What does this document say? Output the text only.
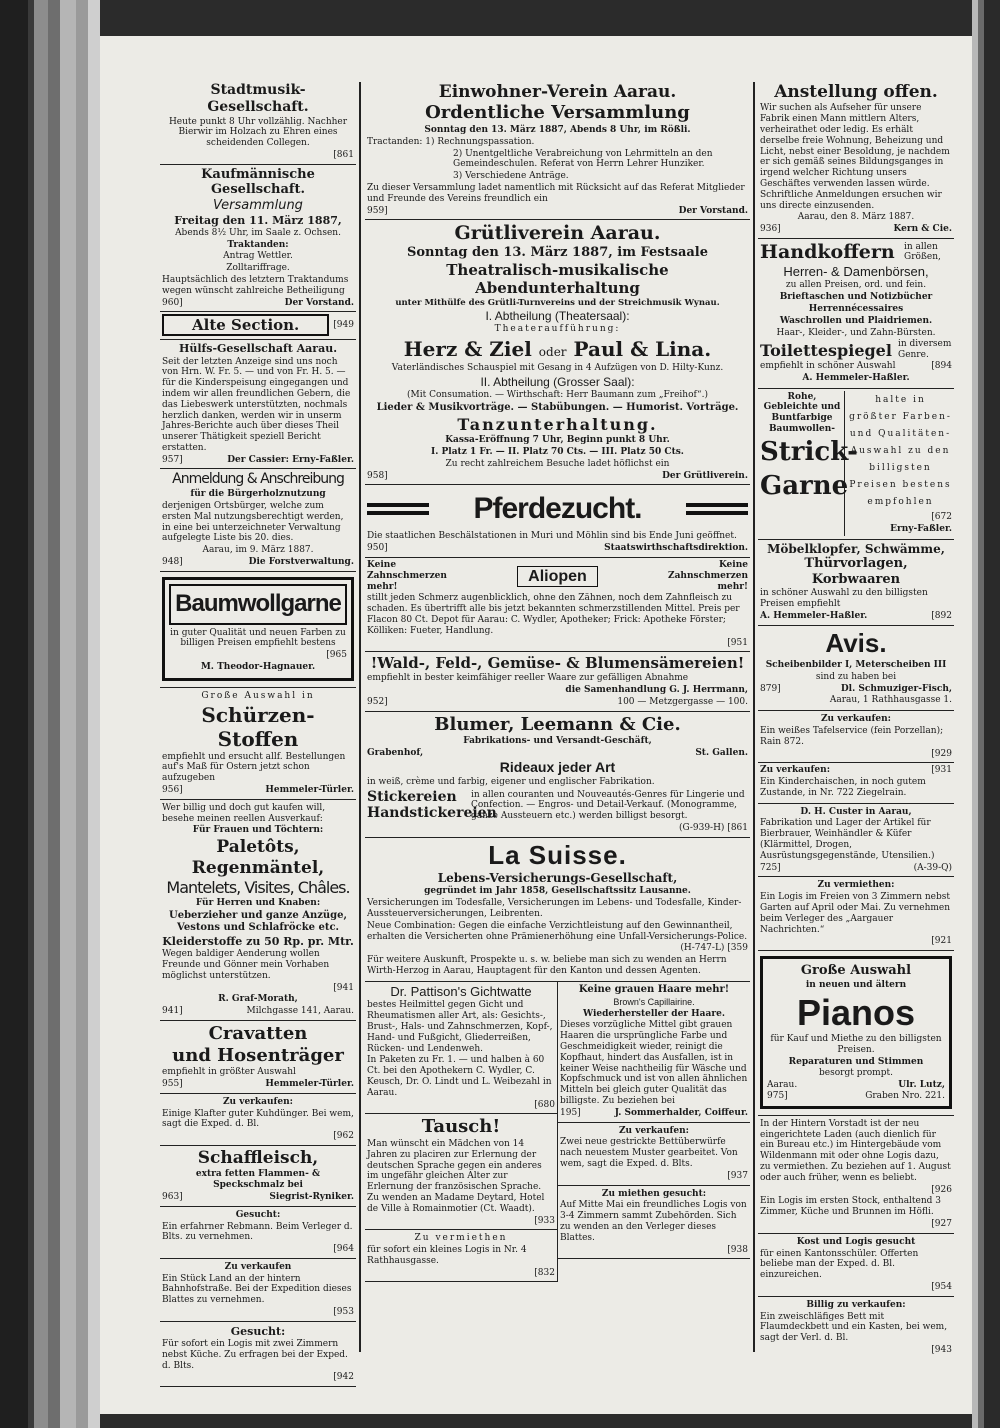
Stadtmusik-Gesellschaft.

Heute punkt 8 Uhr vollzählig. Nachher Bierwir im Holzach zu Ehren eines scheidenden Collegen.

[861
Kaufmännische Gesellschaft.
Versammlung
Freitag den 11. März 1887,

Abends 8½ Uhr, im Saale z. Ochsen.

Traktanden:

Antrag Wettler.

Zolltariffrage.

Hauptsächlich des letztern Traktandums wegen wünscht zahlreiche Betheiligung

960]	Der Vorstand.
Alte Section.	[949
Hülfs-Gesellschaft Aarau.

Seit der letzten Anzeige sind uns noch von Hrn. W. Fr. 5. — und von Fr. H. 5. — für die Kinderspeisung eingegangen und indem wir allen freundlichen Gebern, die das Liebeswerk unterstützten, nochmals herzlich danken, werden wir in unserm Jahres-Berichte auch über dieses Theil unserer Thätigkeit speziell Bericht erstatten.

957]	Der Cassier: Erny-Faßler.
Anmeldung & Anschreibung

für die Bürgerholznutzung

derjenigen Ortsbürger, welche zum ersten Mal nutzungsberechtigt werden, in eine bei unterzeichneter Verwaltung aufgelegte Liste bis 20. dies.

Aarau, im 9. März 1887.

948]	Die Forstverwaltung.
Baumwollgarne

in guter Qualität und neuen Farben zu billigen Preisen empfiehlt bestens

[965

M. Theodor-Hagnauer.

Große Auswahl in

Schürzen-Stoffen

empfiehlt und ersucht allf. Bestellungen auf's Maß für Ostern jetzt schon aufzugeben

956]	Hemmeler-Türler.

Wer billig und doch gut kaufen will, besehe meinen reellen Ausverkauf:

Für Frauen und Töchtern:

Paletôts, Regenmäntel,
Mantelets, Visites, Châles.

Für Herren und Knaben:

Ueberzieher und ganze Anzüge, Vestons und Schlafröcke etc.

Kleiderstoffe zu 50 Rp. pr. Mtr.

Wegen baldiger Aenderung wollen Freunde und Gönner mein Vorhaben möglichst unterstützen.

[941

R. Graf-Morath,

941]	Milchgasse 141, Aarau.
Cravatten
und Hosenträger

empfiehlt in größter Auswahl

955]	Hemmeler-Türler.

Zu verkaufen:

Einige Klafter guter Kuhdünger. Bei wem, sagt die Exped. d. Bl.

[962
Schaffleisch,

extra fetten Flammen- & Speckschmalz bei

963]	Siegrist-Ryniker.

Gesucht:

Ein erfahrner Rebmann. Beim Verleger d. Blts. zu vernehmen.

[964

Zu verkaufen

Ein Stück Land an der hintern Bahnhofstraße. Bei der Expedition dieses Blattes zu vernehmen.

[953

Gesucht:

Für sofort ein Logis mit zwei Zimmern nebst Küche. Zu erfragen bei der Exped. d. Blts.

[942
Einwohner-Verein Aarau.
Ordentliche Versammlung

Sonntag den 13. März 1887, Abends 8 Uhr, im Rößli.

Tractanden: 1) Rechnungspassation.

2) Unentgeltliche Verabreichung von Lehrmitteln an den Gemeindeschulen. Referat von Herrn Lehrer Hunziker.

3) Verschiedene Anträge.

Zu dieser Versammlung ladet namentlich mit Rücksicht auf das Referat Mitglieder und Freunde des Vereins freundlich ein

959]	Der Vorstand.
Grütliverein Aarau.
Sonntag den 13. März 1887, im Festsaale
Theatralisch-musikalische Abendunterhaltung

unter Mithülfe des Grütli-Turnvereins und der Streichmusik Wynau.

I. Abtheilung (Theatersaal):

Theateraufführung:

Herz & Ziel oder Paul & Lina.

Vaterländisches Schauspiel mit Gesang in 4 Aufzügen von D. Hilty-Kunz.

II. Abtheilung (Grosser Saal):

(Mit Consumation. — Wirthschaft: Herr Baumann zum „Freihof“.)

Lieder & Musikvorträge. — Stabübungen. — Humorist. Vorträge.

Tanzunterhaltung.

Kassa-Eröffnung 7 Uhr, Beginn punkt 8 Uhr.

I. Platz 1 Fr. — II. Platz 70 Cts. — III. Platz 50 Cts.

Zu recht zahlreichem Besuche ladet höflichst ein

958]	Der Grütliverein.
Pferdezucht.

Die staatlichen Beschälstationen in Muri und Möhlin sind bis Ende Juni geöffnet.

950]	Staatswirthschaftsdirektion.
Keine Zahnschmerzen mehr!
Aliopen
Keine Zahnschmerzen mehr!

stillt jeden Schmerz augenblicklich, ohne den Zähnen, noch dem Zahnfleisch zu schaden. Es übertrifft alle bis jetzt bekannten schmerzstillenden Mittel. Preis per Flacon 80 Ct. Depot für Aarau: C. Wydler, Apotheker; Frick: Apotheke Förster; Kölliken: Fueter, Handlung.

[951
!Wald-, Feld-, Gemüse- & Blumensämereien!

empfiehlt in bester keimfähiger reeller Waare zur gefälligen Abnahme

die Samenhandlung G. J. Herrmann,

952]	100 — Metzgergasse — 100.
Blumer, Leemann & Cie.

Fabrikations- und Versandt-Geschäft,

Grabenhof,	St. Gallen.
Rideaux jeder Art

in weiß, crème und farbig, eigener und englischer Fabrikation.

Stickereien
Handstickereien

in allen couranten und Nouveautés-Genres für Lingerie und Confection. — Engros- und Detail-Verkauf. (Monogramme, ganze Aussteuern etc.) werden billigst besorgt.

(G-939-H) [861
La Suisse.
Lebens-Versicherungs-Gesellschaft,

gegründet im Jahr 1858, Gesellschaftssitz Lausanne.

Versicherungen im Todesfalle, Versicherungen im Lebens- und Todesfalle, Kinder-Aussteuerversicherungen, Leibrenten.

Neue Combination: Gegen die einfache Verzichtleistung auf den Gewinnantheil, erhalten die Versicherten ohne Prämienerhöhung eine Unfall-Versicherungs-Police.

(H-747-L) [359

Für weitere Auskunft, Prospekte u. s. w. beliebe man sich zu wenden an Herrn Wirth-Herzog in Aarau, Hauptagent für den Kanton und dessen Agenten.

Dr. Pattison's Gichtwatte

bestes Heilmittel gegen Gicht und Rheumatismen aller Art, als: Gesichts-, Brust-, Hals- und Zahnschmerzen, Kopf-, Hand- und Fußgicht, Gliederreißen, Rücken- und Lendenweh.

In Paketen zu Fr. 1. — und halben à 60 Ct. bei den Apothekern C. Wydler, C. Keusch, Dr. O. Lindt und L. Weibezahl in Aarau.

[680
Tausch!

Man wünscht ein Mädchen von 14 Jahren zu placiren zur Erlernung der deutschen Sprache gegen ein anderes im ungefähr gleichen Alter zur Erlernung der französischen Sprache. Zu wenden an Madame Deytard, Hotel de Ville à Romainmotier (Ct. Waadt).

[933

Zu vermiethen

für sofort ein kleines Logis in Nr. 4 Rathhausgasse.

[832
Keine grauen Haare mehr!

Brown's Capillairine.

Wiederhersteller der Haare.

Dieses vorzügliche Mittel gibt grauen Haaren die ursprüngliche Farbe und Geschmeidigkeit wieder, reinigt die Kopfhaut, hindert das Ausfallen, ist in keiner Weise nachtheilig für Wäsche und Kopfschmuck und ist von allen ähnlichen Mitteln bei gleich guter Qualität das billigste. Zu beziehen bei

195]	J. Sommerhalder, Coiffeur.

Zu verkaufen:

Zwei neue gestrickte Bettüberwürfe nach neuestem Muster gearbeitet. Von wem, sagt die Exped. d. Blts.

[937

Zu miethen gesucht:

Auf Mitte Mai ein freundliches Logis von 3-4 Zimmern sammt Zubehörden. Sich zu wenden an den Verleger dieses Blattes.

[938
Anstellung offen.

Wir suchen als Aufseher für unsere Fabrik einen Mann mittlern Alters, verheirathet oder ledig. Es erhält derselbe freie Wohnung, Beheizung und Licht, nebst einer Besoldung, je nachdem er sich gemäß seines Bildungsganges in irgend welcher Richtung unsers Geschäftes verwenden lassen würde. Schriftliche Anmeldungen ersuchen wir uns directe einzusenden.

Aarau, den 8. März 1887.

936]	Kern & Cie.
Handkoffern in allen Größen,
Herren- & Damenbörsen,

zu allen Preisen, ord. und fein.

Brieftaschen und Notizbücher

Herrennécessaires

Waschrollen und Plaidriemen.

Haar-, Kleider-, und Zahn-Bürsten.

Toilettespiegel in diversem Genre.
empfiehlt in schöner Auswahl	[894

A. Hemmeler-Haßler.

Rohe, Gebleichte und Buntfarbige Baumwollen-

Strick-
Garne

halte in größter Farben- und Qualitäten-Auswahl zu den billigsten Preisen bestens empfohlen

[672

Erny-Faßler.

Möbelklopfer, Schwämme,
Thürvorlagen,
Korbwaaren

in schöner Auswahl zu den billigsten Preisen empfiehlt

A. Hemmeler-Haßler.	[892
Avis.

Scheibenbilder I, Meterscheiben III

sind zu haben bei

879]	Dl. Schmuziger-Fisch,

Aarau, 1 Rathhausgasse 1.

Zu verkaufen:

Ein weißes Tafelservice (fein Porzellan); Rain 872.

[929
Zu verkaufen:	[931

Ein Kinderchaischen, in noch gutem Zustande, in Nr. 722 Ziegelrain.

D. H. Custer in Aarau,

Fabrikation und Lager der Artikel für Bierbrauer, Weinhändler & Küfer (Klärmittel, Drogen, Ausrüstungsgegenstände, Utensilien.)

725]	(A-39-Q)

Zu vermiethen:

Ein Logis im Freien von 3 Zimmern nebst Garten auf April oder Mai. Zu vernehmen beim Verleger des „Aargauer Nachrichten.“

[921
Große Auswahl

in neuen und ältern

Pianos

für Kauf und Miethe zu den billigsten Preisen.

Reparaturen und Stimmen

besorgt prompt.

Aarau.	Ulr. Lutz,
975]	Graben Nro. 221.

In der Hintern Vorstadt ist der neu eingerichtete Laden (auch dienlich für ein Bureau etc.) im Hintergebäude vom Wildenmann mit oder ohne Logis dazu, zu vermiethen. Zu beziehen auf 1. August oder auch früher, wenn es beliebt.

[926

Ein Logis im ersten Stock, enthaltend 3 Zimmer, Küche und Brunnen im Höfli.

[927

Kost und Logis gesucht

für einen Kantonsschüler. Offerten beliebe man der Exped. d. Bl. einzureichen.

[954

Billig zu verkaufen:

Ein zweischläfiges Bett mit Flaumdeckbett und ein Kasten, bei wem, sagt der Verl. d. Bl.

[943
